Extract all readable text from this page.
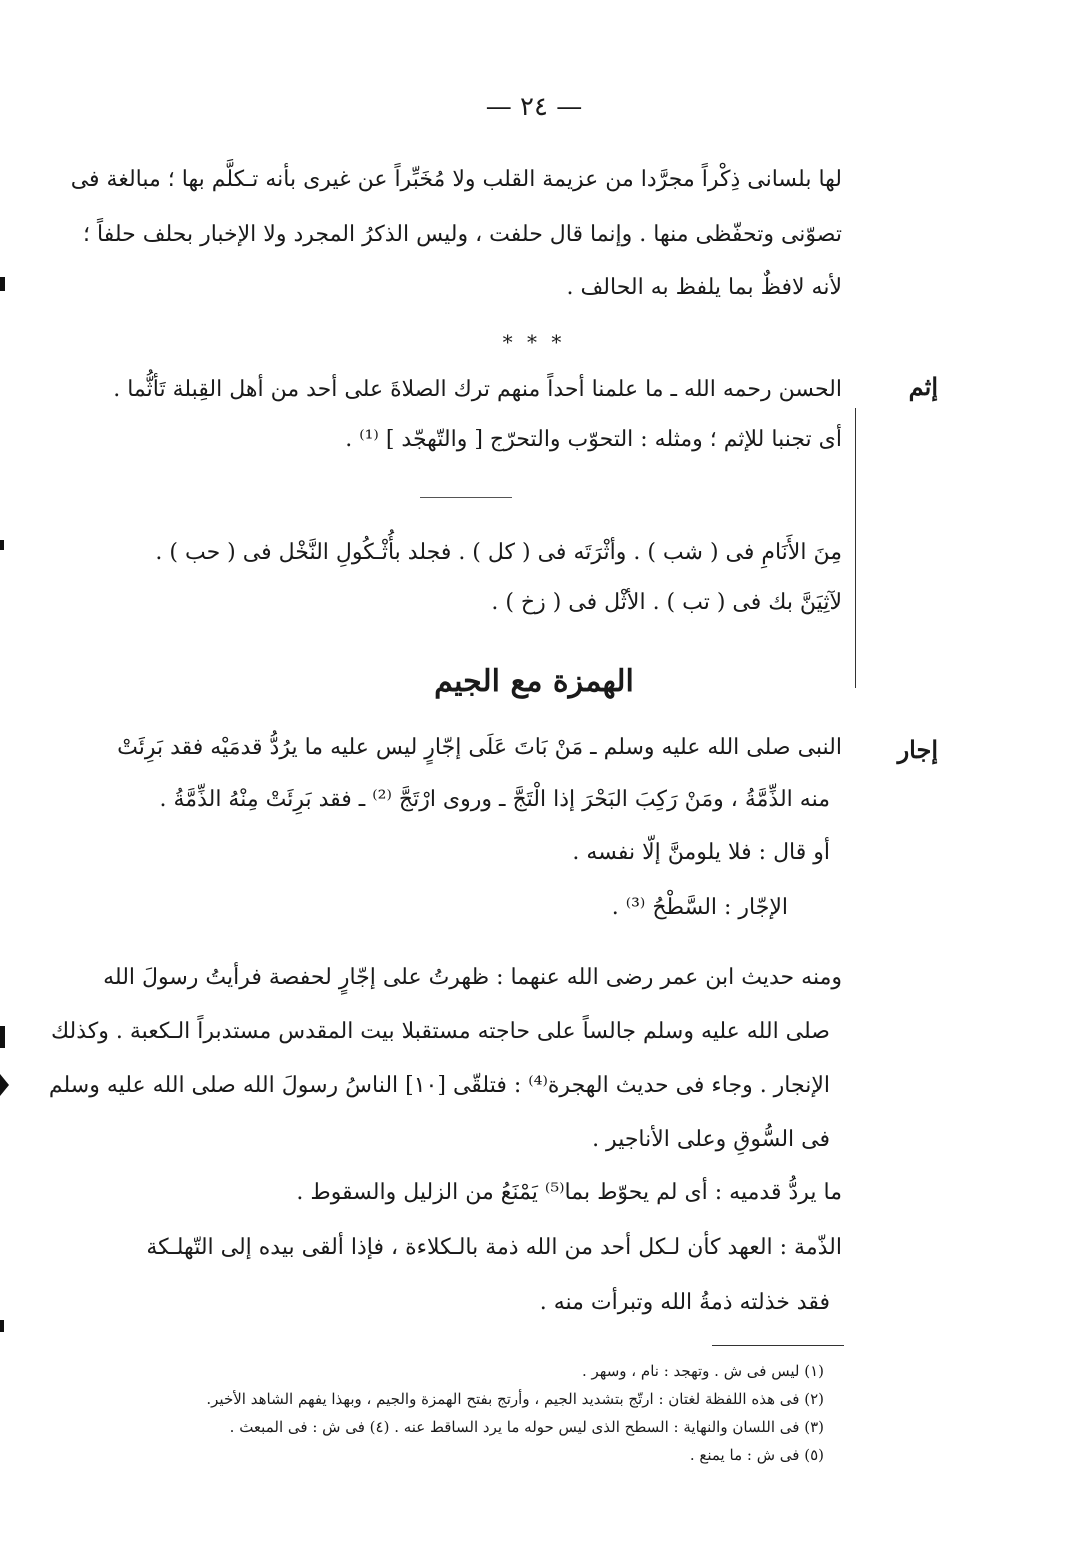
— ٢٤ —
لها بلسانى ذِكْراً مجرَّدا من عزيمة القلب ولا مُخَبِّراً عن غيرى بأنه تـكلَّم بها ؛ مبالغة فى
تصوّنى وتحفّظى منها . وإنما قال حلفت ، وليس الذكرُ المجرد ولا الإخبار بحلف حلفاً ؛
لأنه لافظٌ بما يلفظ به الحالف .
* * *
إثم
الحسن رحمه الله ـ ما علمنا أحداً منهم ترك الصلاةَ على أحد من أهل القِبلة تَأثُّما .
أى تجنبا للإثم ؛ ومثله : التحوّب والتحرّج [ والتّهجّد ] ⁽¹⁾ .
مِنَ الأَنَامِ فى ( شب ) . وأثْرَتَه فى ( كل ) . فجلد بأُثْـكُولِ النَّخْل فى ( حب ) .
لآثِيَنَّ بك فى ( تب ) . الأثْل فى ( زخ ) .
الهمزة مع الجيم
إجار
النبى صلى الله عليه وسلم ـ مَنْ بَاتَ عَلَى إجّارٍ ليس عليه ما يرُدُّ قدمَيْه فقد بَرِئَتْ
منه الذِّمَّةُ ، ومَنْ رَكِبَ البَحْرَ إذا الْتَجَّ ـ وروى ارْتَجَّ ⁽²⁾ ـ فقد بَرِئَتْ مِنْهُ الذِّمَّةُ .
أو قال : فلا يلومنَّ إلّا نفسه .
الإجّار : السَّطْحُ ⁽³⁾ .
ومنه حديث ابن عمر رضى الله عنهما : ظهرتُ على إجّارٍ لحفصة فرأيتُ رسولَ الله
صلى الله عليه وسلم جالساً على حاجته مستقبلا بيت المقدس مستدبراً الـكعبة . وكذلك
الإنجار . وجاء فى حديث الهجرة⁽⁴⁾ : فتلقّى [١٠] الناسُ رسولَ الله صلى الله عليه وسلم
فى السُّوقِ وعلى الأناجير .
ما يردُّ قدميه : أى لم يحوّط بما⁽⁵⁾ يَمْنَعُ من الزليل والسقوط .
الذّمة : العهد كأن لـكل أحد من الله ذمة بالـكلاءة ، فإذا ألقى بيده إلى التّهلـكة
فقد خذلته ذمةُ الله وتبرأت منه .
(١) ليس فى ش . وتهجد : نام ، وسهر .
(٢) فى هذه اللفظة لغتان : ارتّج بتشديد الجيم ، وأرتج بفتح الهمزة والجيم ، وبهذا يفهم الشاهد الأخير.
(٣) فى اللسان والنهاية : السطح الذى ليس حوله ما يرد الساقط عنه . (٤) فى ش : فى المبعث .
(٥) فى ش : ما يمنع .
